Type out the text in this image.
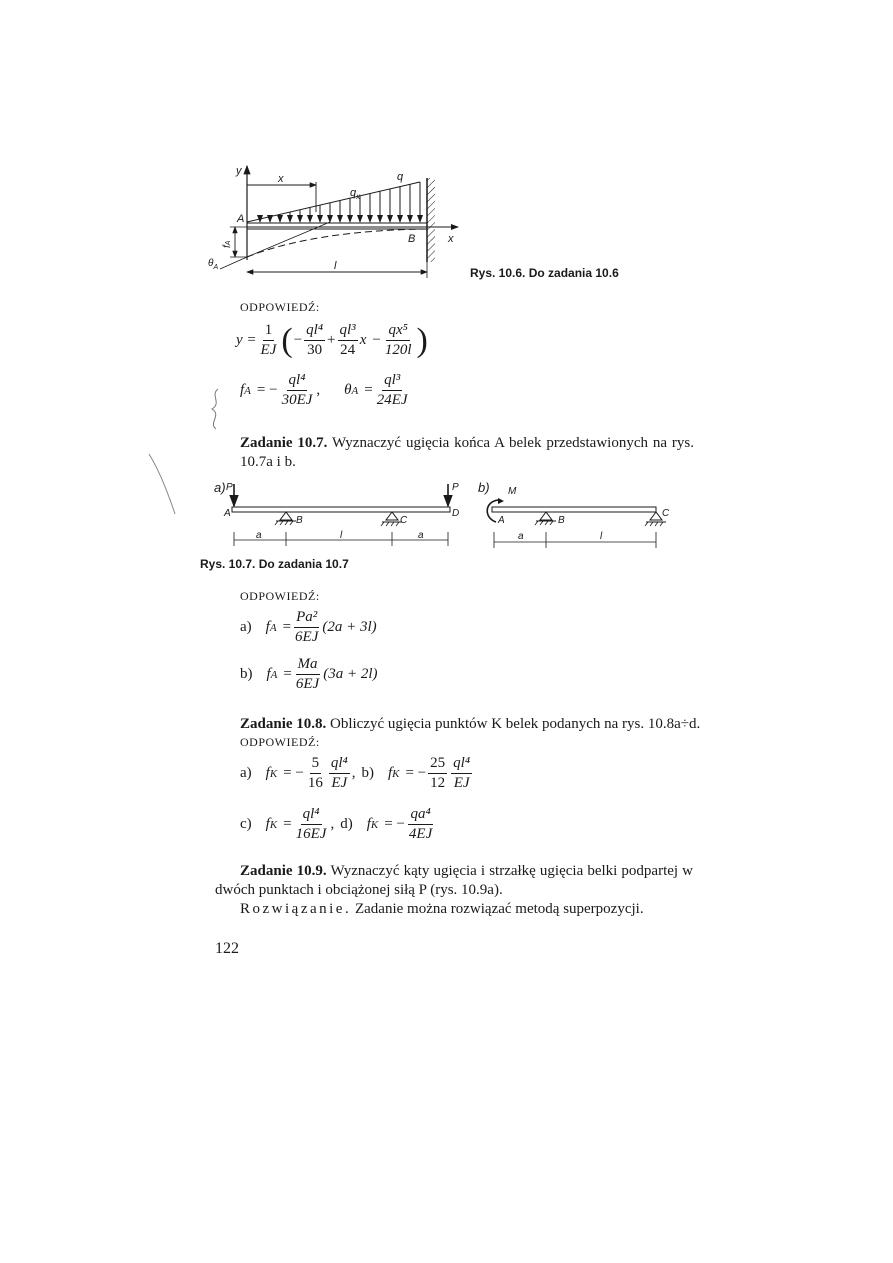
y
x
$q_x$
q
A
B	x
fA
$\theta_A$	l	Rys. 10.6. Do zadania 10.6
ODPOWIEDŹ:
$y = \frac{1}{EJ}$ ( − $\frac{\text{ql⁴}}{30} + \frac{\text{ql³}}{24}$ $x - \frac{\text{qx⁵}}{120l}$ )
f A = − $\frac{\text{ql⁴}}{30EJ}$ , θ $A = \frac{\text{ql³}}{24EJ}$
Zadanie 10.7. Wyznaczyć ugięcia końca A belek przedstawionych na rys. 10.7a i b.
a) P	P
A
B	C
D
a	l	a
b) M
A	B
C
a	l
Rys. 10.7. Do zadania 10.7
ODPOWIEDŹ:
a) f $A = \frac{\text{Pa²}}{6EJ} (2a + 3l)$
b) f $A = \frac{Ma}{6EJ} (3a + 2l)$
Zadanie 10.8. Obliczyć ugięcia punktów K belek podanych na rys. 10.8a÷d.
ODPOWIEDŹ:
a) f K = − $\frac{5}{16} \frac{\text{ql⁴}}{EJ}$ , b) f K = − $\frac{25}{12} \frac{\text{ql⁴}}{EJ}$
c) f $K = \frac{\text{ql⁴}}{16EJ}$ , d) f K = − $\frac{\text{qa⁴}}{4EJ}$
Zadanie 10.9. Wyznaczyć kąty ugięcia i strzałkę ugięcia belki podpartej w dwóch punktach i obciążonej siłą P (rys. 10.9a).
Rozwiązanie. Zadanie można rozwiązać metodą superpozycji.
122
